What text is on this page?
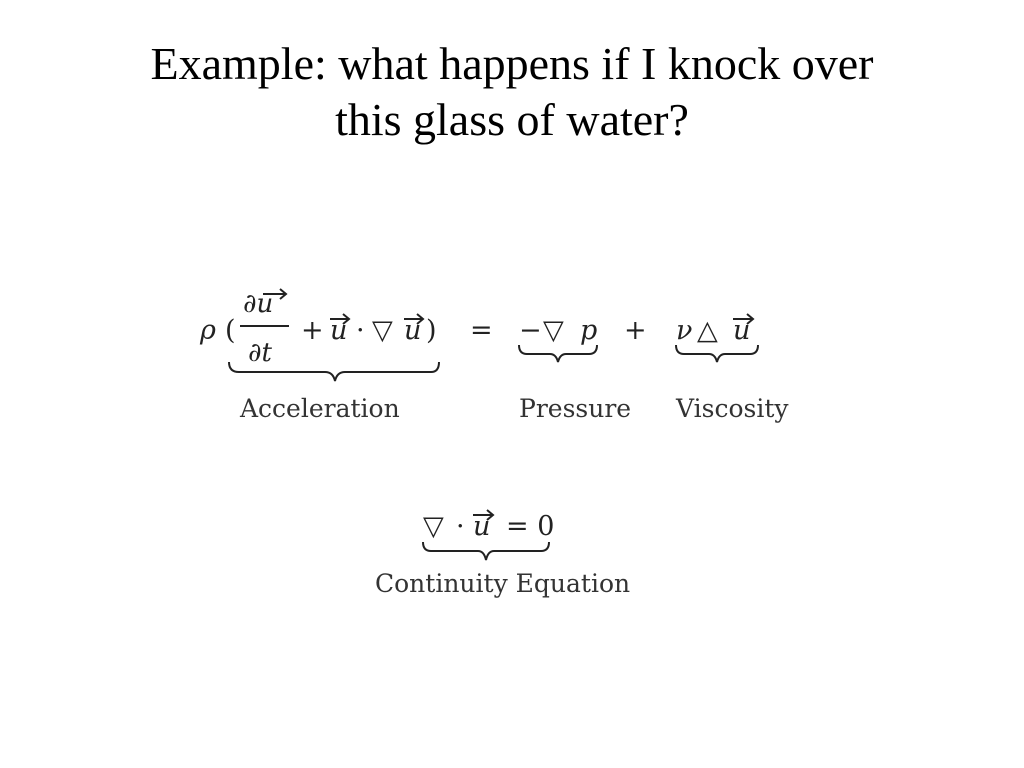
Example: what happens if I knock over
this glass of water?
ρ (
∂u
∂t
+ u · ▽ u ) = − ▽ p + ν △ u
Acceleration	Pressure Viscosity
▽ · u = 0
Continuity Equation
